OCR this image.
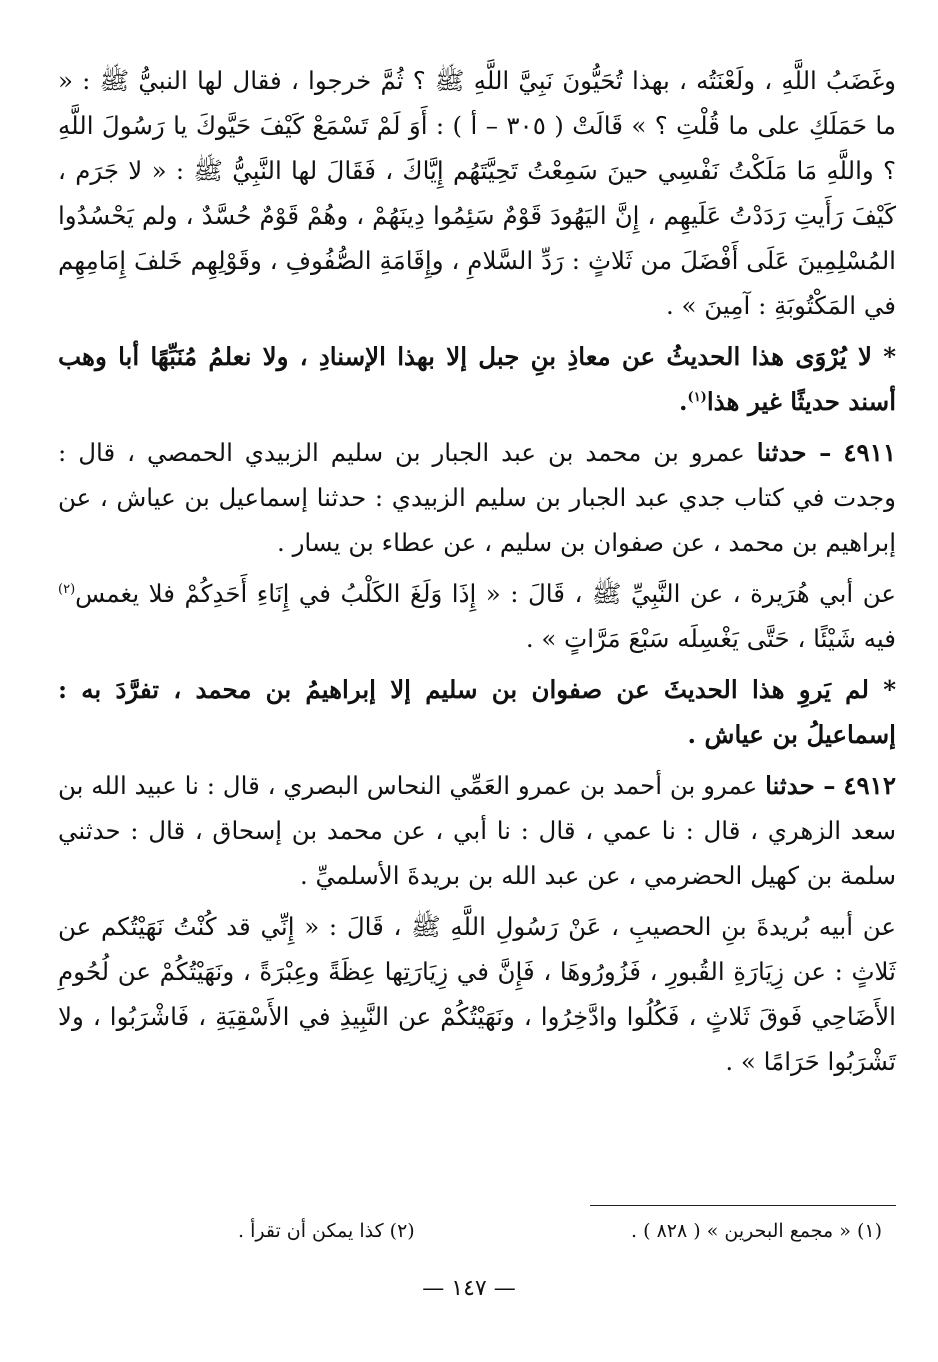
وغَضَبُ اللَّهِ ، ولَعْنَتُه ، بهذا تُحَيُّونَ نَبِيَّ اللَّهِ ﷺ ؟ ثُمَّ خرجوا ، فقال لها النبيُّ ﷺ : « ما حَمَلَكِ على ما قُلْتِ ؟ » قَالَتْ ( ٣٠٥ – أ ) : أَوَ لَمْ تَسْمَعْ كَيْفَ حَيَّوكَ يا رَسُولَ اللَّهِ ؟ واللَّهِ مَا مَلَكْتُ نَفْسِي حينَ سَمِعْتُ تَحِيَّتَهُم إِيَّاكَ ، فَقَالَ لها النَّبِيُّ ﷺ : « لا جَرَم ، كَيْفَ رَأَيتِ رَدَدْتُ عَلَيهِم ، إِنَّ اليَهُودَ قَوْمٌ سَئِمُوا دِينَهُمْ ، وهُمْ قَوْمٌ حُسَّدٌ ، ولم يَحْسُدُوا المُسْلِمِينَ عَلَى أَفْضَلَ من ثَلاثٍ : رَدِّ السَّلامِ ، وإِقَامَةِ الصُّفُوفِ ، وقَوْلِهِم خَلفَ إِمَامِهِم في المَكْتُوبَةِ : آمِينَ » .

* لا يُرْوَى هذا الحديثُ عن معاذِ بنِ جبل إلا بهذا الإسنادِ ، ولا نعلمُ مُنَبِّهًا أبا وهب أسند حديثًا غير هذا$^{(١)}$.

٤٩١١ – حدثنا عمرو بن محمد بن عبد الجبار بن سليم الزبيدي الحمصي ، قال : وجدت في كتاب جدي عبد الجبار بن سليم الزبيدي : حدثنا إسماعيل بن عياش ، عن إبراهيم بن محمد ، عن صفوان بن سليم ، عن عطاء بن يسار .

عن أبي هُرَيرة ، عن النَّبِيِّ ﷺ ، قَالَ : « إِذَا وَلَغَ الكَلْبُ في إِنَاءِ أَحَدِكُمْ فلا يغمس$^{(٢)}$ فيه شَيْئًا ، حَتَّى يَغْسِلَه سَبْعَ مَرَّاتٍ » .

* لم يَروِ هذا الحديثَ عن صفوان بن سليم إلا إبراهيمُ بن محمد ، تفرَّدَ به : إسماعيلُ بن عياش .

٤٩١٢ – حدثنا عمرو بن أحمد بن عمرو العَمِّي النحاس البصري ، قال : نا عبيد الله بن سعد الزهري ، قال : نا عمي ، قال : نا أبي ، عن محمد بن إسحاق ، قال : حدثني سلمة بن كهيل الحضرمي ، عن عبد الله بن بريدةَ الأسلميِّ .

عن أبيه بُريدةَ بنِ الحصيبِ ، عَنْ رَسُولِ اللَّهِ ﷺ ، قَالَ : « إِنِّي قد كُنْتُ نَهَيْتُكم عن ثَلاثٍ : عن زِيَارَةِ القُبورِ ، فَزُورُوهَا ، فَإِنَّ في زِيَارَتِها عِظَةً وعِبْرَةً ، ونَهَيْتُكُمْ عن لُحُومِ الأَضَاحِي فَوقَ ثَلاثٍ ، فَكُلُوا وادَّخِرُوا ، ونَهَيْتُكُمْ عن النَّبِيذِ في الأَسْقِيَةِ ، فَاشْرَبُوا ، ولا تَشْرَبُوا حَرَامًا » .

(١) « مجمع البحرين » ( ٨٢٨ ) .
(٢) كذا يمكن أن تقرأ .
— ١٤٧ —
